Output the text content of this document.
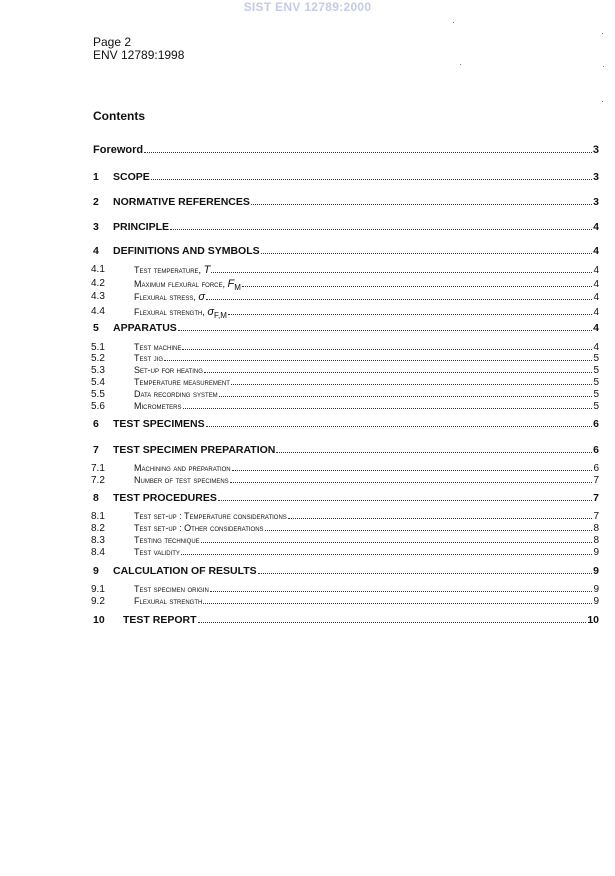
SIST ENV 12789:2000
Page 2
ENV 12789:1998
Contents
Foreword	3
1 SCOPE	3
2 NORMATIVE REFERENCES	3
3 PRINCIPLE	4
4 DEFINITIONS AND SYMBOLS	4
4.1	Test temperature, T	4
4.2	Maximum flexural force, $F_M$	4
4.3	Flexural stress, σ	4
4.4	Flexural strength, $\sigma_{F,M}$	4
5 APPARATUS	4
5.1	Test machine	4
5.2	Test jig	5
5.3	Set-up for heating	5
5.4	Temperature measurement	5
5.5	Data recording system	5
5.6	Micrometers	5
6 TEST SPECIMENS	6
7 TEST SPECIMEN PREPARATION	6
7.1	Machining and preparation	6
7.2	Number of test specimens	7
8 TEST PROCEDURES	7
8.1	Test set-up : Temperature considerations	7
8.2	Test set-up : Other considerations	8
8.3	Testing technique	8
8.4	Test validity	9
9 CALCULATION OF RESULTS	9
9.1	Test specimen origin	9
9.2	Flexural strength	9
10 TEST REPORT	10
